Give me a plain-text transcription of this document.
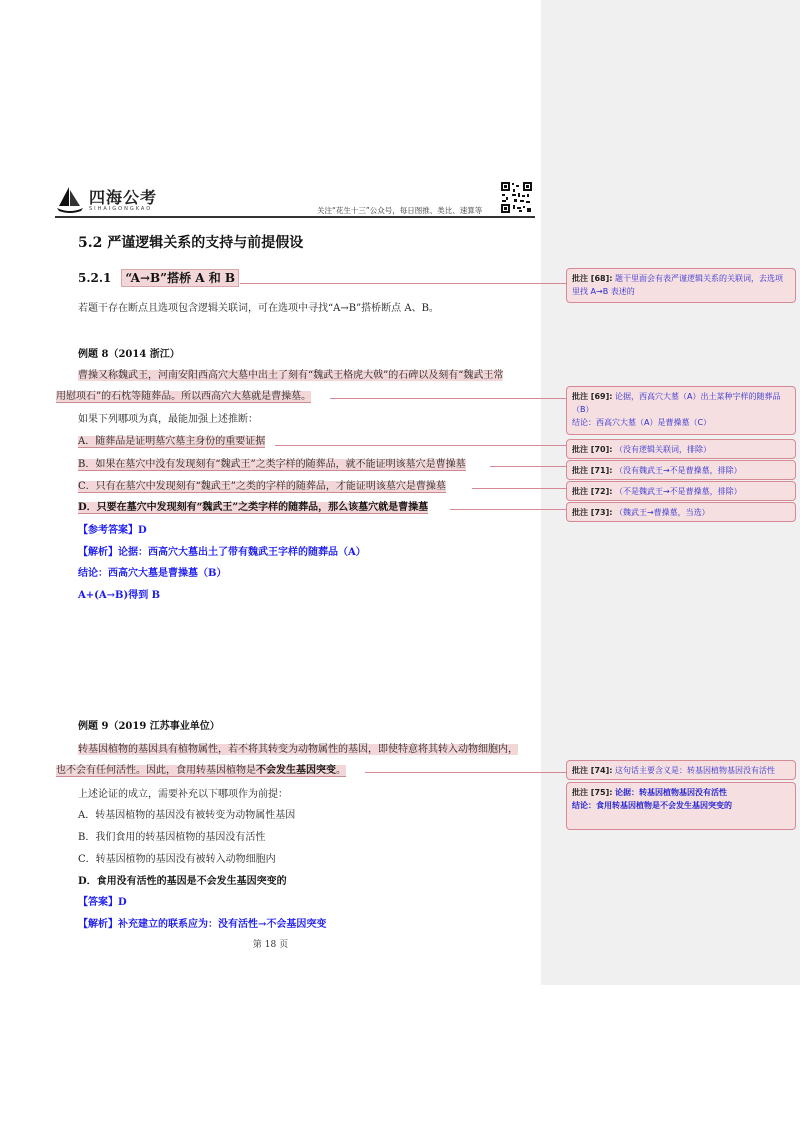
四海公考
SIHAIGONGKAO	关注“花生十三”公众号，每日图推、类比、速算等
5.2 严谨逻辑关系的支持与前提假设
5.2.1 “A→B”搭桥 A 和 B
若题干存在断点且选项包含逻辑关联词，可在选项中寻找“A→B”搭桥断点 A、B。
例题 8（2014 浙江）
曹操又称魏武王，河南安阳西高穴大墓中出土了刻有“魏武王格虎大戟”的石碑以及刻有“魏武王常
用慰项石”的石枕等随葬品。所以西高穴大墓就是曹操墓。
如果下列哪项为真，最能加强上述推断：
A．随葬品是证明墓穴墓主身份的重要证据
B．如果在墓穴中没有发现刻有“魏武王”之类字样的随葬品，就不能证明该墓穴是曹操墓
C．只有在墓穴中发现刻有“魏武王”之类的字样的随葬品，才能证明该墓穴是曹操墓
D．只要在墓穴中发现刻有“魏武王”之类字样的随葬品，那么该墓穴就是曹操墓
【参考答案】D
【解析】论据：西高穴大墓出土了带有魏武王字样的随葬品（A）
结论：西高穴大墓是曹操墓（B）
A+(A→B)得到 B
例题 9（2019 江苏事业单位）
转基因植物的基因具有植物属性，若不将其转变为动物属性的基因，即使特意将其转入动物细胞内，
也不会有任何活性。因此，食用转基因植物是不会发生基因突变。
上述论证的成立，需要补充以下哪项作为前提：
A．转基因植物的基因没有被转变为动物属性基因
B．我们食用的转基因植物的基因没有活性
C．转基因植物的基因没有被转入动物细胞内
D．食用没有活性的基因是不会发生基因突变的
【答案】D
【解析】补充建立的联系应为：没有活性→不会基因突变
第 18 页
批注 [68]: 题干里面会有表严谨逻辑关系的关联词，去选项里找 A→B 表述的
批注 [69]: 论据，西高穴大墓（A）出土某种字样的随葬品（B）
结论：西高穴大墓（A）是曹操墓（C）
批注 [70]: （没有逻辑关联词，排除）
批注 [71]: （没有魏武王→不是曹操墓，排除）
批注 [72]: （不是魏武王→不是曹操墓，排除）
批注 [73]: （魏武王→曹操墓，当选）
批注 [74]: 这句话主要含义是：转基因植物基因没有活性
批注 [75]: 论据：转基因植物基因没有活性
结论：食用转基因植物是不会发生基因突变的
